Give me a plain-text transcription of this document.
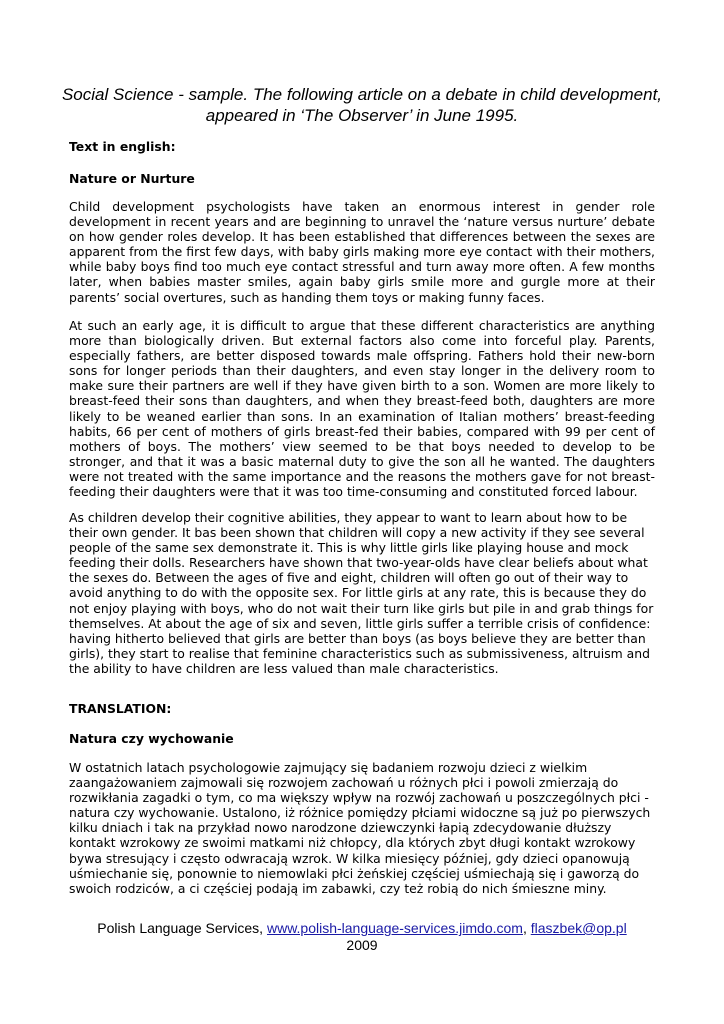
Social Science - sample. The following article on a debate in child development, appeared in ‘The Observer’ in June 1995.
Text in english:
Nature or Nurture
Child development psychologists have taken an enormous interest in gender role development in recent years and are beginning to unravel the ‘nature versus nurture’ debate on how gender roles develop. It has been established that differences between the sexes are apparent from the first few days, with baby girls making more eye contact with their mothers, while baby boys find too much eye contact stressful and turn away more often. A few months later, when babies master smiles, again baby girls smile more and gurgle more at their parents’ social overtures, such as handing them toys or making funny faces.
At such an early age, it is difficult to argue that these different characteristics are anything more than biologically driven. But external factors also come into forceful play. Parents, especially fathers, are better disposed towards male offspring. Fathers hold their new-born sons for longer periods than their daughters, and even stay longer in the delivery room to make sure their partners are well if they have given birth to a son. Women are more likely to breast-feed their sons than daughters, and when they breast-feed both, daughters are more likely to be weaned earlier than sons. In an examination of Italian mothers’ breast-feeding habits, 66 per cent of mothers of girls breast-fed their babies, compared with 99 per cent of mothers of boys. The mothers’ view seemed to be that boys needed to develop to be stronger, and that it was a basic maternal duty to give the son all he wanted. The daughters were not treated with the same importance and the reasons the mothers gave for not breast-feeding their daughters were that it was too time-consuming and constituted forced labour.
As children develop their cognitive abilities, they appear to want to learn about how to be their own gender. It bas been shown that children will copy a new activity if they see several people of the same sex demonstrate it. This is why little girls like playing house and mock feeding their dolls. Researchers have shown that two-year-olds have clear beliefs about what the sexes do. Between the ages of five and eight, children will often go out of their way to avoid anything to do with the opposite sex. For little girls at any rate, this is because they do not enjoy playing with boys, who do not wait their turn like girls but pile in and grab things for themselves. At about the age of six and seven, little girls suffer a terrible crisis of confidence: having hitherto believed that girls are better than boys (as boys believe they are better than girls), they start to realise that feminine characteristics such as submissiveness, altruism and the ability to have children are less valued than male characteristics.
TRANSLATION:
Natura czy wychowanie
W ostatnich latach psychologowie zajmujący się badaniem rozwoju dzieci z wielkim zaangażowaniem zajmowali się rozwojem zachowań u różnych płci i powoli zmierzają do rozwikłania zagadki o tym, co ma większy wpływ na rozwój zachowań u poszczególnych płci - natura czy wychowanie. Ustalono, iż różnice pomiędzy płciami widoczne są już po pierwszych kilku dniach i tak na przykład nowo narodzone dziewczynki łapią zdecydowanie dłuższy kontakt wzrokowy ze swoimi matkami niż chłopcy, dla których zbyt długi kontakt wzrokowy bywa stresujący i często odwracają wzrok. W kilka miesięcy później, gdy dzieci opanowują uśmiechanie się, ponownie to niemowlaki płci żeńskiej częściej uśmiechają się i gaworzą do swoich rodziców, a ci częściej podają im zabawki, czy też robią do nich śmieszne miny.
Polish Language Services, www.polish-language-services.jimdo.com, flaszbek@op.pl
2009
